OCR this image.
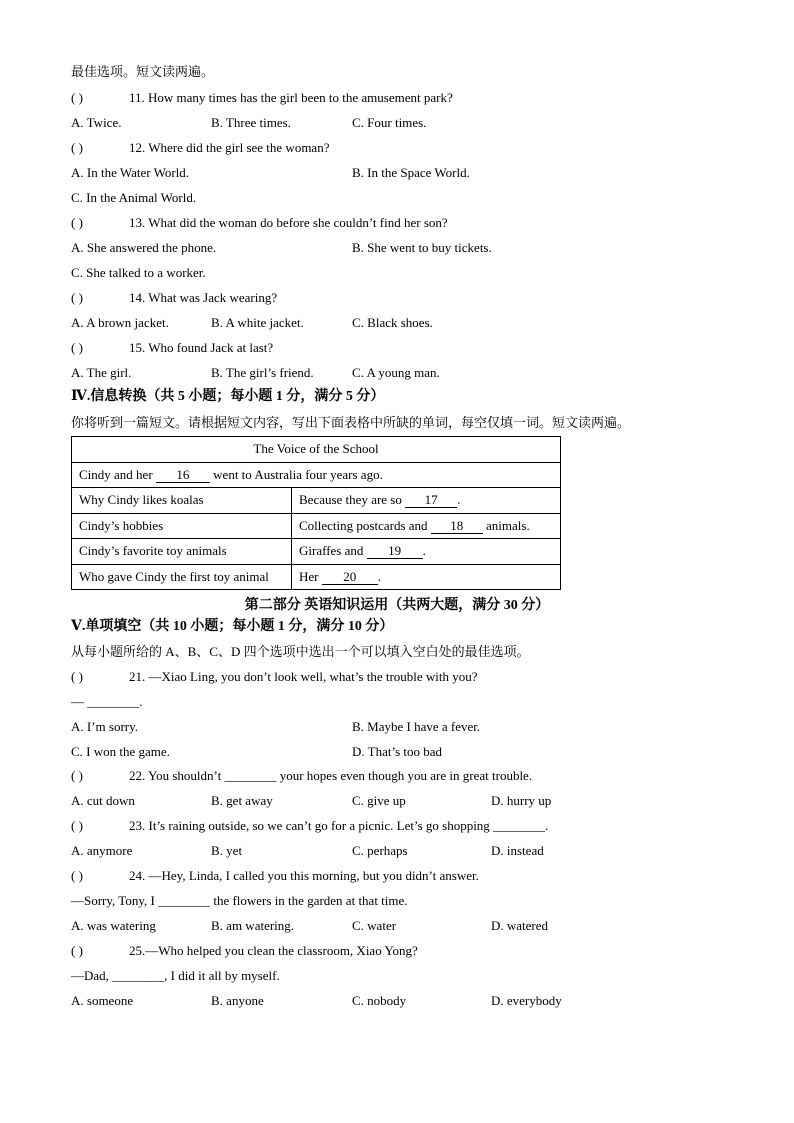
最佳选项。短文读两遍。
( )	11. How many times has the girl been to the amusement park?
A. Twice.	B. Three times.	C. Four times.
( )	12. Where did the girl see the woman?
A. In the Water World.	B. In the Space World.
C. In the Animal World.
( )	13. What did the woman do before she couldn’t find her son?
A. She answered the phone.	B. She went to buy tickets.
C. She talked to a worker.
( )	14. What was Jack wearing?
A. A brown jacket.	B. A white jacket.	C. Black shoes.
( )	15. Who found Jack at last?
A. The girl.	B. The girl’s friend.	C. A young man.
Ⅳ.信息转换（共 5 小题；每小题 1 分，满分 5 分）
你将听到一篇短文。请根据短文内容，写出下面表格中所缺的单词，每空仅填一词。短文读两遍。
The Voice of the School	
Cindy and her 16 went to Australia four years ago.	
Why Cindy likes koalas	Because they are so 17 .
Cindy’s hobbies	Collecting postcards and 18 animals.
Cindy’s favorite toy animals	Giraffes and 19 .
Who gave Cindy the first toy animal	Her 20 .
第二部分 英语知识运用（共两大题，满分 30 分）
Ⅴ.单项填空（共 10 小题；每小题 1 分，满分 10 分）
从每小题所给的 A、B、C、D 四个选项中选出一个可以填入空白处的最佳选项。
( )	21. —Xiao Ling, you don’t look well, what’s the trouble with you?
— ________.
A. I’m sorry.	B. Maybe I have a fever.
C. I won the game.	D. That’s too bad
( )	22. You shouldn’t ________ your hopes even though you are in great trouble.
A. cut down	B. get away	C. give up	D. hurry up
( )	23. It’s raining outside, so we can’t go for a picnic. Let’s go shopping ________.
A. anymore	B. yet	C. perhaps	D. instead
( )	24. —Hey, Linda, I called you this morning, but you didn’t answer.
—Sorry, Tony, I ________ the flowers in the garden at that time.
A. was watering	B. am watering.	C. water	D. watered
( )	25.—Who helped you clean the classroom, Xiao Yong?
—Dad, ________, I did it all by myself.
A. someone	B. anyone	C. nobody	D. everybody
